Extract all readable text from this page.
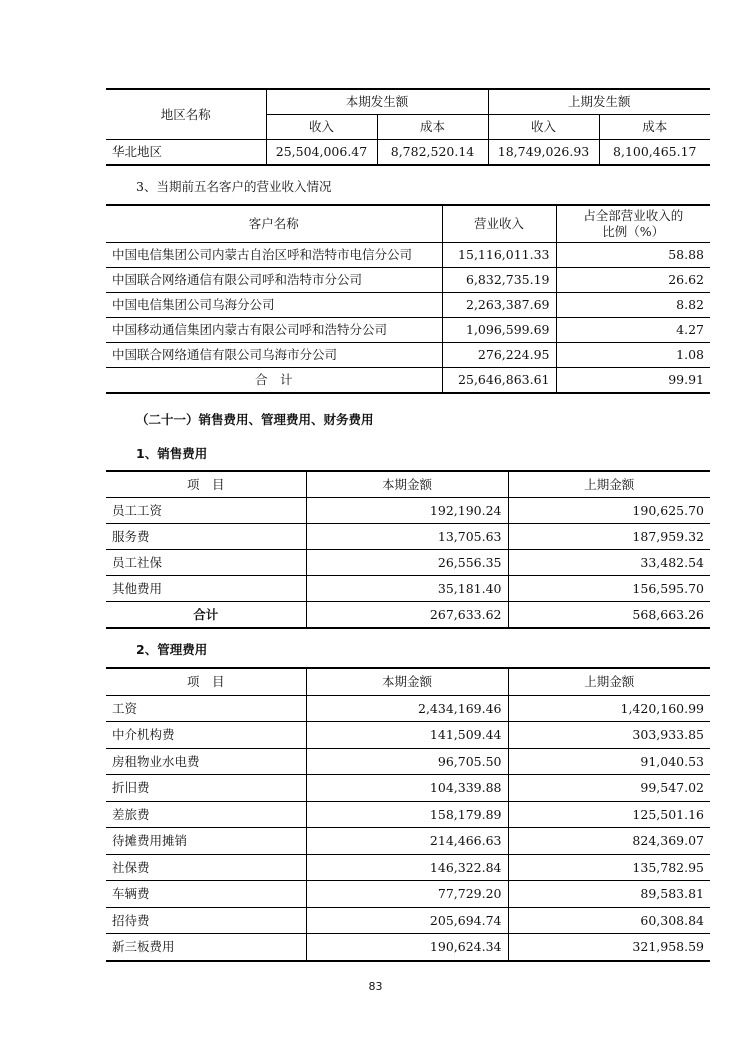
地区名称	本期发生额		上期发生额	
	收入	成本	收入	成本
华北地区	25,504,006.47	8,782,520.14	18,749,026.93	8,100,465.17

3、当期前五名客户的营业收入情况

客户名称	营业收入	占全部营业收入的
比例（%）
中国电信集团公司内蒙古自治区呼和浩特市电信分公司	15,116,011.33	58.88
中国联合网络通信有限公司呼和浩特市分公司	6,832,735.19	26.62
中国电信集团公司乌海分公司	2,263,387.69	8.82
中国移动通信集团内蒙古有限公司呼和浩特分公司	1,096,599.69	4.27
中国联合网络通信有限公司乌海市分公司	276,224.95	1.08
合　计	25,646,863.61	99.91

（二十一）销售费用、管理费用、财务费用

1、销售费用

项　目	本期金额	上期金额
员工工资	192,190.24	190,625.70
服务费	13,705.63	187,959.32
员工社保	26,556.35	33,482.54
其他费用	35,181.40	156,595.70
合计	267,633.62	568,663.26

2、管理费用

项　目	本期金额	上期金额
工资	2,434,169.46	1,420,160.99
中介机构费	141,509.44	303,933.85
房租物业水电费	96,705.50	91,040.53
折旧费	104,339.88	99,547.02
差旅费	158,179.89	125,501.16
待摊费用摊销	214,466.63	824,369.07
社保费	146,322.84	135,782.95
车辆费	77,729.20	89,583.81
招待费	205,694.74	60,308.84
新三板费用	190,624.34	321,958.59
83
